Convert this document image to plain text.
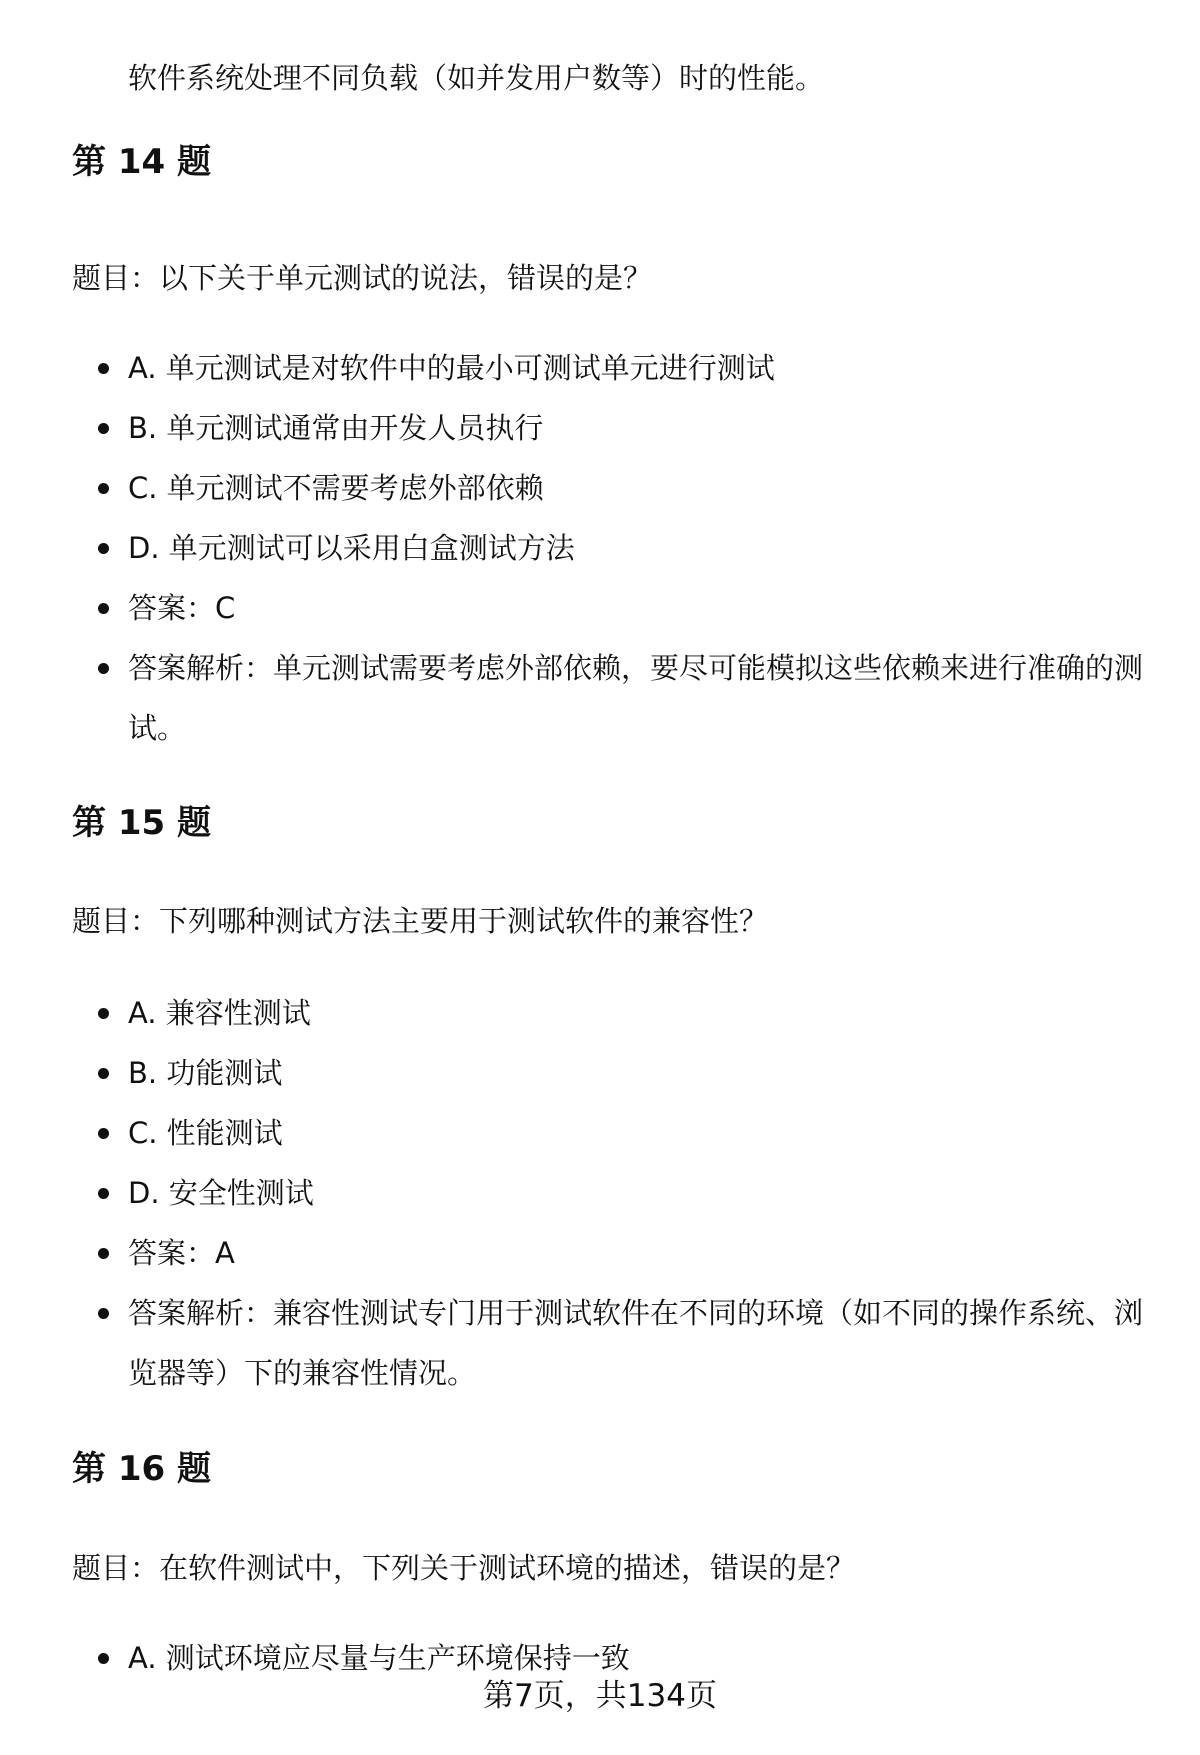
软件系统处理不同负载（如并发用户数等）时的性能。
第 14 题
题目：以下关于单元测试的说法，错误的是？
A. 单元测试是对软件中的最小可测试单元进行测试
B. 单元测试通常由开发人员执行
C. 单元测试不需要考虑外部依赖
D. 单元测试可以采用白盒测试方法
答案：C
答案解析：单元测试需要考虑外部依赖，要尽可能模拟这些依赖来进行准确的测试。
第 15 题
题目：下列哪种测试方法主要用于测试软件的兼容性？
A. 兼容性测试
B. 功能测试
C. 性能测试
D. 安全性测试
答案：A
答案解析：兼容性测试专门用于测试软件在不同的环境（如不同的操作系统、浏览器等）下的兼容性情况。
第 16 题
题目：在软件测试中，下列关于测试环境的描述，错误的是？
A. 测试环境应尽量与生产环境保持一致
第7页，共134页
